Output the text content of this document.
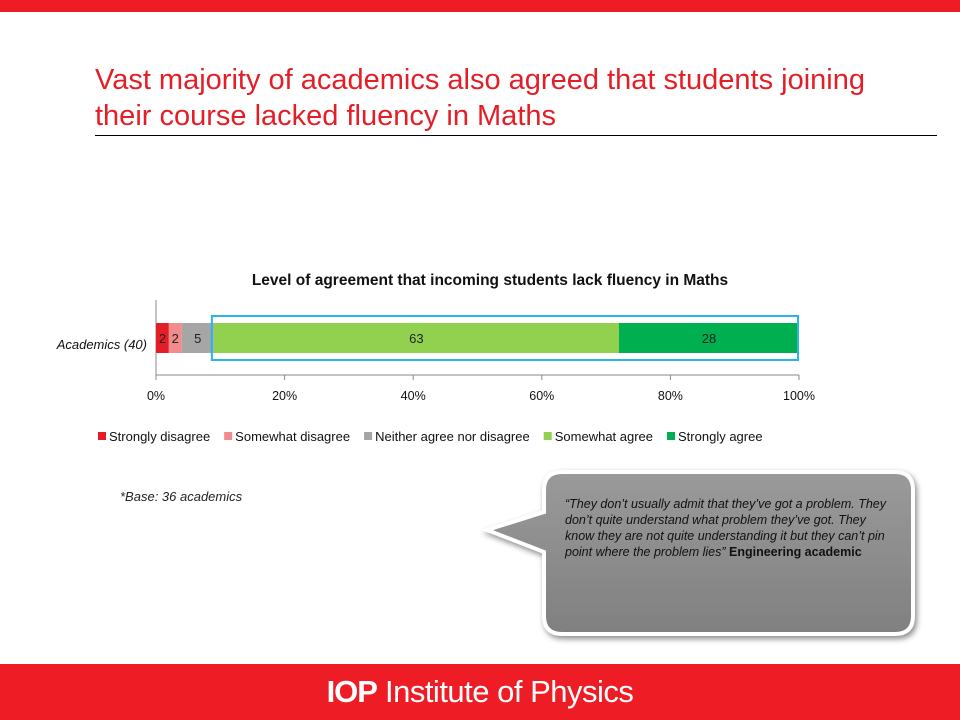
Vast majority of academics also agreed that students joining their course lacked fluency in Maths
Level of agreement that incoming students lack fluency in Maths
0%	20%	40%	60%	80%	100%
Academics (40) 2 2 5	63	28
Strongly disagree Somewhat disagree Neither agree nor disagree Somewhat agree Strongly agree
*Base: 36 academics	“They don’t usually admit that they’ve got a problem. They don’t quite understand what problem they’ve got. They know they are not quite understanding it but they can’t pin point where the problem lies” Engineering academic
IOP Institute of Physics
